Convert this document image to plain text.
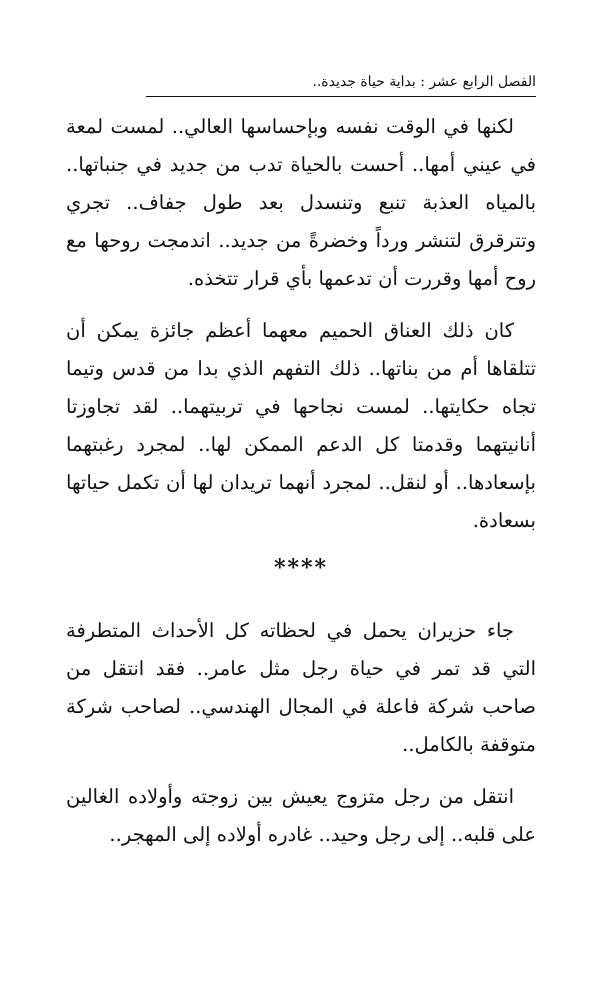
الفصل الرابع عشر : بداية حياة جديدة..

لكنها في الوقت نفسه وبإحساسها العالي.. لمست لمعة في عيني أمها.. أحست بالحياة تدب من جديد في جنباتها.. بالمياه العذبة تنبع وتنسدل بعد طول جفاف.. تجري وتترقرق لتنشر ورداً وخضرةً من جديد.. اندمجت روحها مع روح أمها وقررت أن تدعمها بأي قرار تتخذه.

كان ذلك العناق الحميم معهما أعظم جائزة يمكن أن تتلقاها أم من بناتها.. ذلك التفهم الذي بدا من قدس وتيما تجاه حكايتها.. لمست نجاحها في تربيتهما.. لقد تجاوزتا أنانيتهما وقدمتا كل الدعم الممكن لها.. لمجرد رغبتهما بإسعادها.. أو لنقل.. لمجرد أنهما تريدان لها أن تكمل حياتها بسعادة.

****

جاء حزيران يحمل في لحظاته كل الأحداث المتطرفة التي قد تمر في حياة رجل مثل عامر.. فقد انتقل من صاحب شركة فاعلة في المجال الهندسي.. لصاحب شركة متوقفة بالكامل..

انتقل من رجل متزوج يعيش بين زوجته وأولاده الغالين على قلبه.. إلى رجل وحيد.. غادره أولاده إلى المهجر..
